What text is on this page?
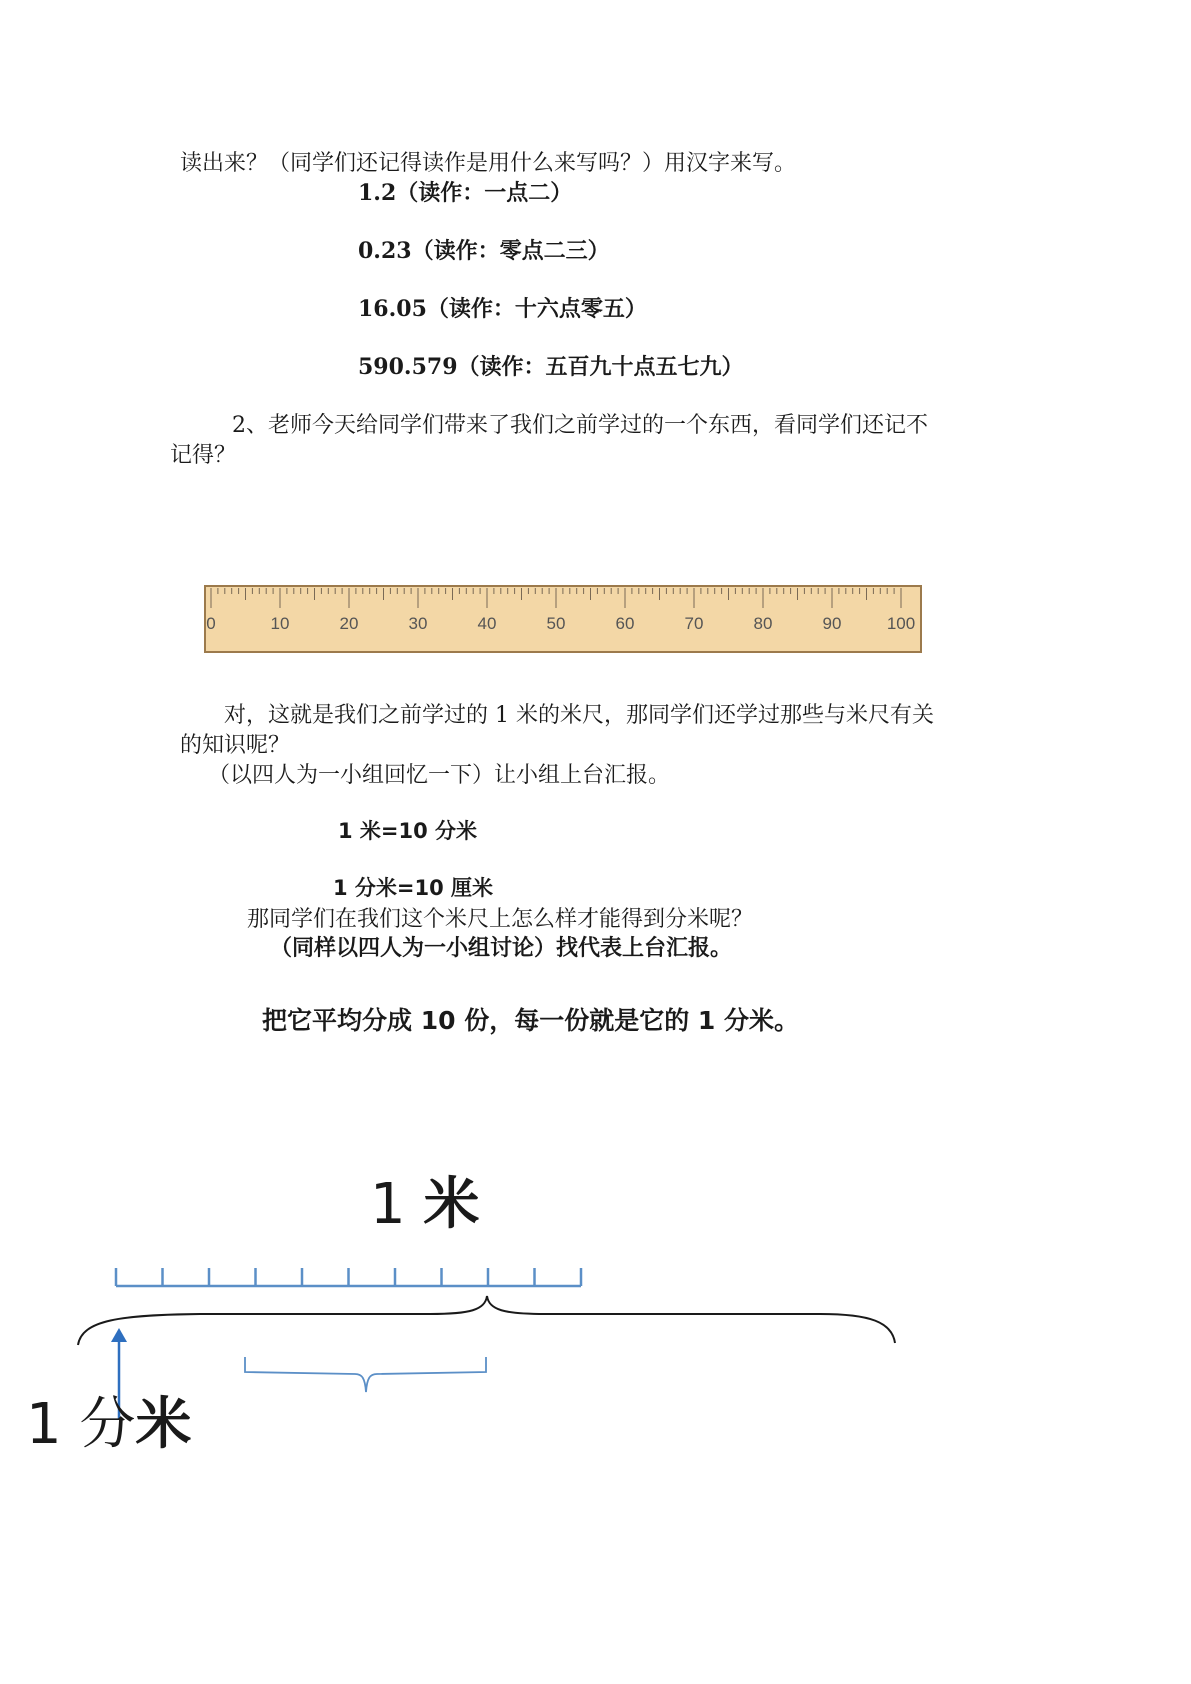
读出来？（同学们还记得读作是用什么来写吗？）用汉字来写。
1.2（读作：一点二）
0.23（读作：零点二三）
16.05（读作：十六点零五）
590.579（读作：五百九十点五七九）
2、老师今天给同学们带来了我们之前学过的一个东西，看同学们还记不
记得？
0	10	20	30	40	50	60	70	80	90	100
对，这就是我们之前学过的 1 米的米尺，那同学们还学过那些与米尺有关
的知识呢？
（以四人为一小组回忆一下）让小组上台汇报。
1 米=10 分米
1 分米=10 厘米
那同学们在我们这个米尺上怎么样才能得到分米呢？
（同样以四人为一小组讨论）找代表上台汇报。
把它平均分成 10 份，每一份就是它的 1 分米。
1 米
1 分米
